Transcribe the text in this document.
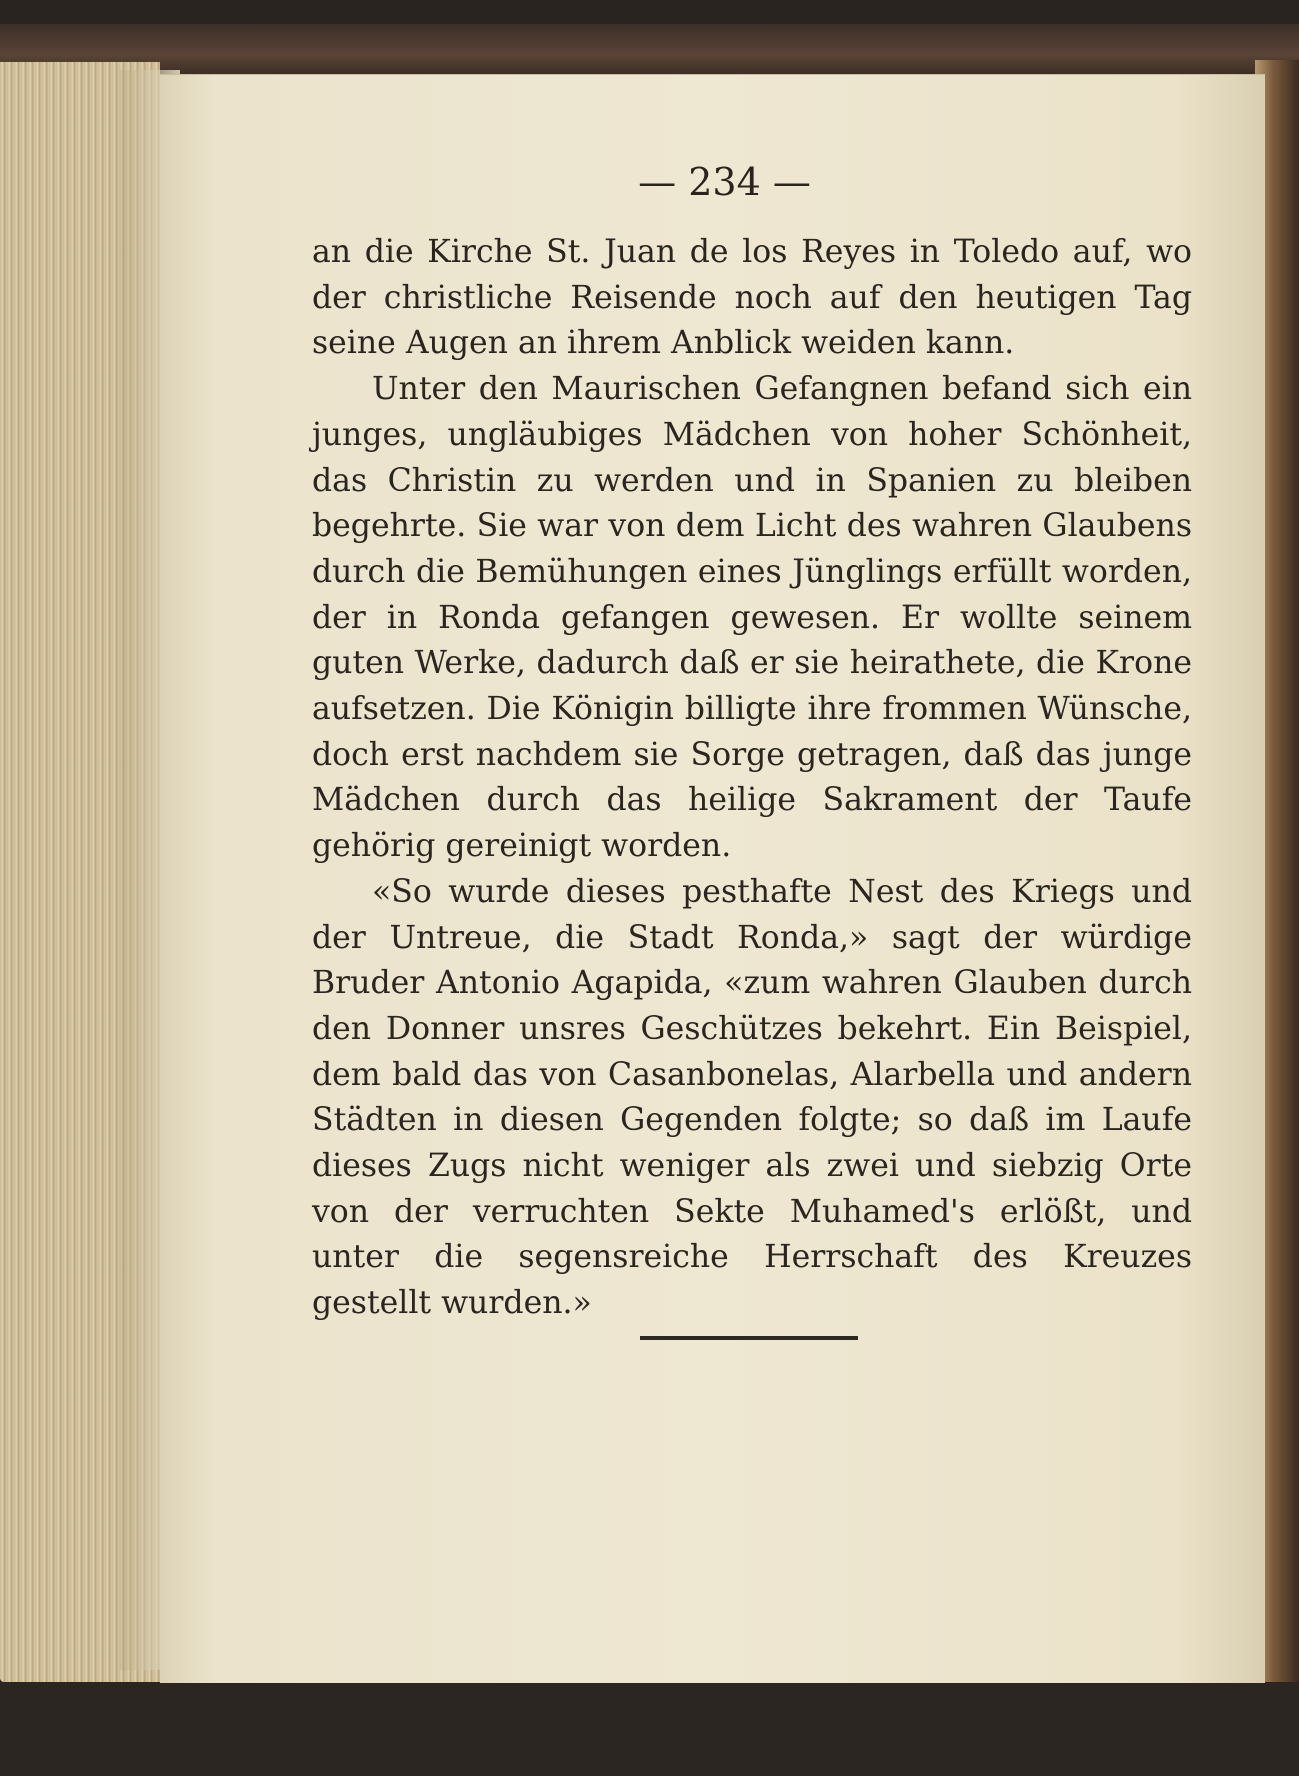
— 234 —

an die Kirche St. Juan de los Reyes in Toledo auf, wo der christliche Reisende noch auf den heutigen Tag seine Augen an ihrem Anblick weiden kann.

Unter den Maurischen Gefangnen befand sich ein junges, ungläubiges Mädchen von hoher Schönheit, das Christin zu werden und in Spanien zu bleiben begehrte. Sie war von dem Licht des wahren Glaubens durch die Bemühungen eines Jünglings erfüllt worden, der in Ronda gefangen gewesen. Er wollte seinem guten Werke, dadurch daß er sie heirathete, die Krone aufsetzen. Die Königin billigte ihre frommen Wünsche, doch erst nachdem sie Sorge getragen, daß das junge Mädchen durch das heilige Sakrament der Taufe gehörig gereinigt worden.

«So wurde dieses pesthafte Nest des Kriegs und der Untreue, die Stadt Ronda,» sagt der würdige Bruder Antonio Agapida, «zum wahren Glauben durch den Donner unsres Geschützes bekehrt. Ein Beispiel, dem bald das von Casanbonelas, Alarbella und andern Städten in diesen Gegenden folgte; so daß im Laufe dieses Zugs nicht weniger als zwei und siebzig Orte von der verruchten Sekte Muhamed's erlößt, und unter die segensreiche Herrschaft des Kreuzes gestellt wurden.»
